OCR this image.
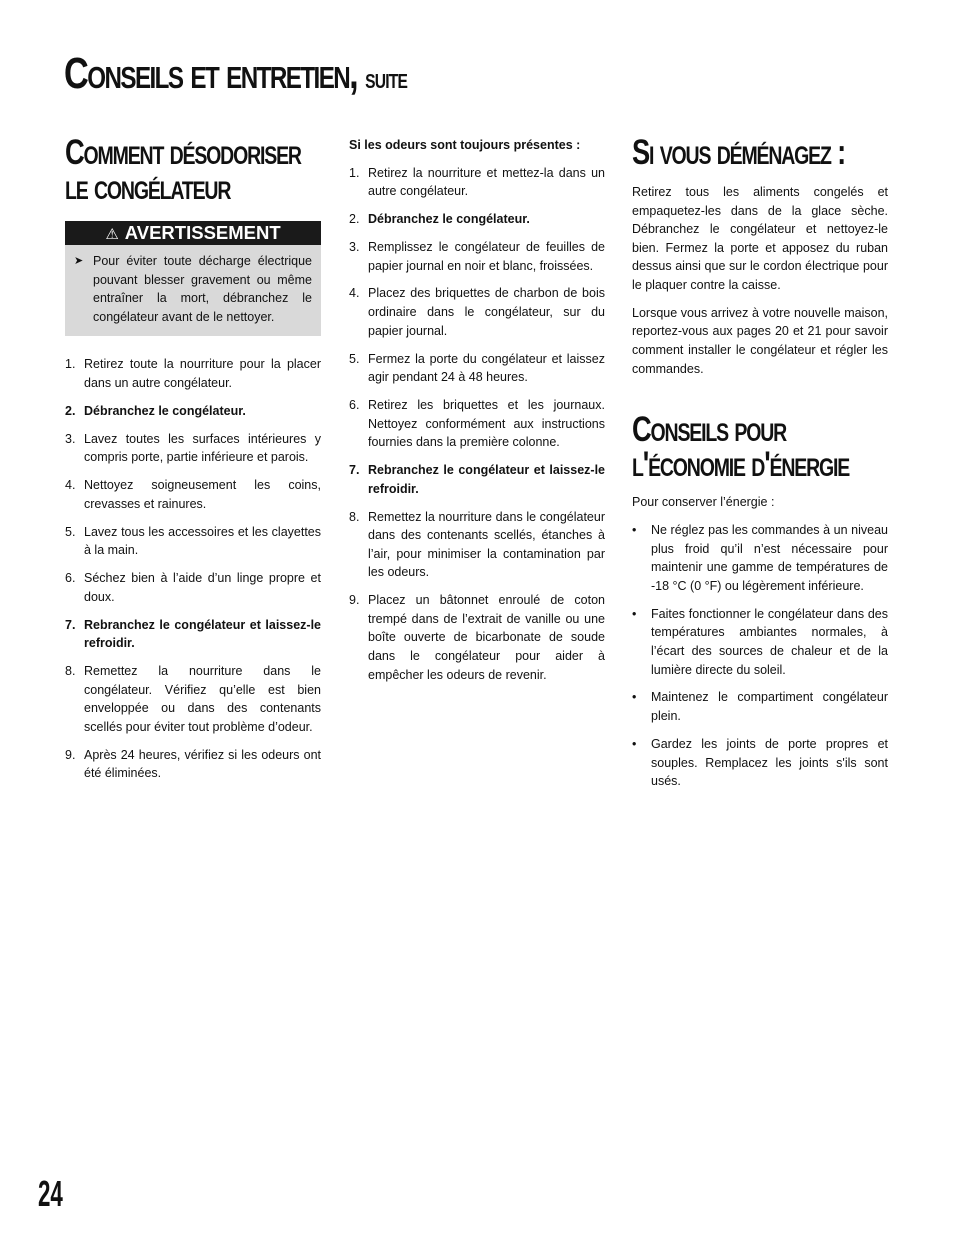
Conseils et entretien, suite
Comment désodoriser le congélateur
⚠ AVERTISSEMENT
➤ Pour éviter toute décharge électrique pouvant blesser gravement ou même entraîner la mort, débranchez le congélateur avant de le nettoyer.
1. Retirez toute la nourriture pour la placer dans un autre congélateur.
2. Débranchez le congélateur.
3. Lavez toutes les surfaces intérieures y compris porte, partie inférieure et parois.
4. Nettoyez soigneusement les coins, crevasses et rainures.
5. Lavez tous les accessoires et les clayettes à la main.
6. Séchez bien à l’aide d’un linge propre et doux.
7. Rebranchez le congélateur et laissez-le refroidir.
8. Remettez la nourriture dans le congélateur. Vérifiez qu’elle est bien enveloppée ou dans des contenants scellés pour éviter tout problème d’odeur.
9. Après 24 heures, vérifiez si les odeurs ont été éliminées.

Si les odeurs sont toujours présentes :

1. Retirez la nourriture et mettez-la dans un autre congélateur.
2. Débranchez le congélateur.
3. Remplissez le congélateur de feuilles de papier journal en noir et blanc, froissées.
4. Placez des briquettes de charbon de bois ordinaire dans le congélateur, sur du papier journal.
5. Fermez la porte du congélateur et laissez agir pendant 24 à 48 heures.
6. Retirez les briquettes et les journaux. Nettoyez conformément aux instructions fournies dans la première colonne.
7. Rebranchez le congélateur et laissez-le refroidir.
8. Remettez la nourriture dans le congélateur dans des contenants scellés, étanches à l’air, pour minimiser la contamination par les odeurs.
9. Placez un bâtonnet enroulé de coton trempé dans de l’extrait de vanille ou une boîte ouverte de bicarbonate de soude dans le congélateur pour aider à empêcher les odeurs de revenir.
Si vous déménagez :

Retirez tous les aliments congelés et empaquetez-les dans de la glace sèche. Débranchez le congélateur et nettoyez-le bien. Fermez la porte et apposez du ruban dessus ainsi que sur le cordon électrique pour le plaquer contre la caisse.

Lorsque vous arrivez à votre nouvelle maison, reportez-vous aux pages 20 et 21 pour savoir comment installer le congélateur et régler les commandes.

Conseils pour l'économie d'énergie

Pour conserver l’énergie :

•	Ne réglez pas les commandes à un niveau plus froid qu’il n’est nécessaire pour maintenir une gamme de températures de -18 °C (0 °F) ou légèrement inférieure.
•	Faites fonctionner le congélateur dans des températures ambiantes normales, à l’écart des sources de chaleur et de la lumière directe du soleil.
•	Maintenez le compartiment congélateur plein.
•	Gardez les joints de porte propres et souples. Remplacez les joints s'ils sont usés.
24
